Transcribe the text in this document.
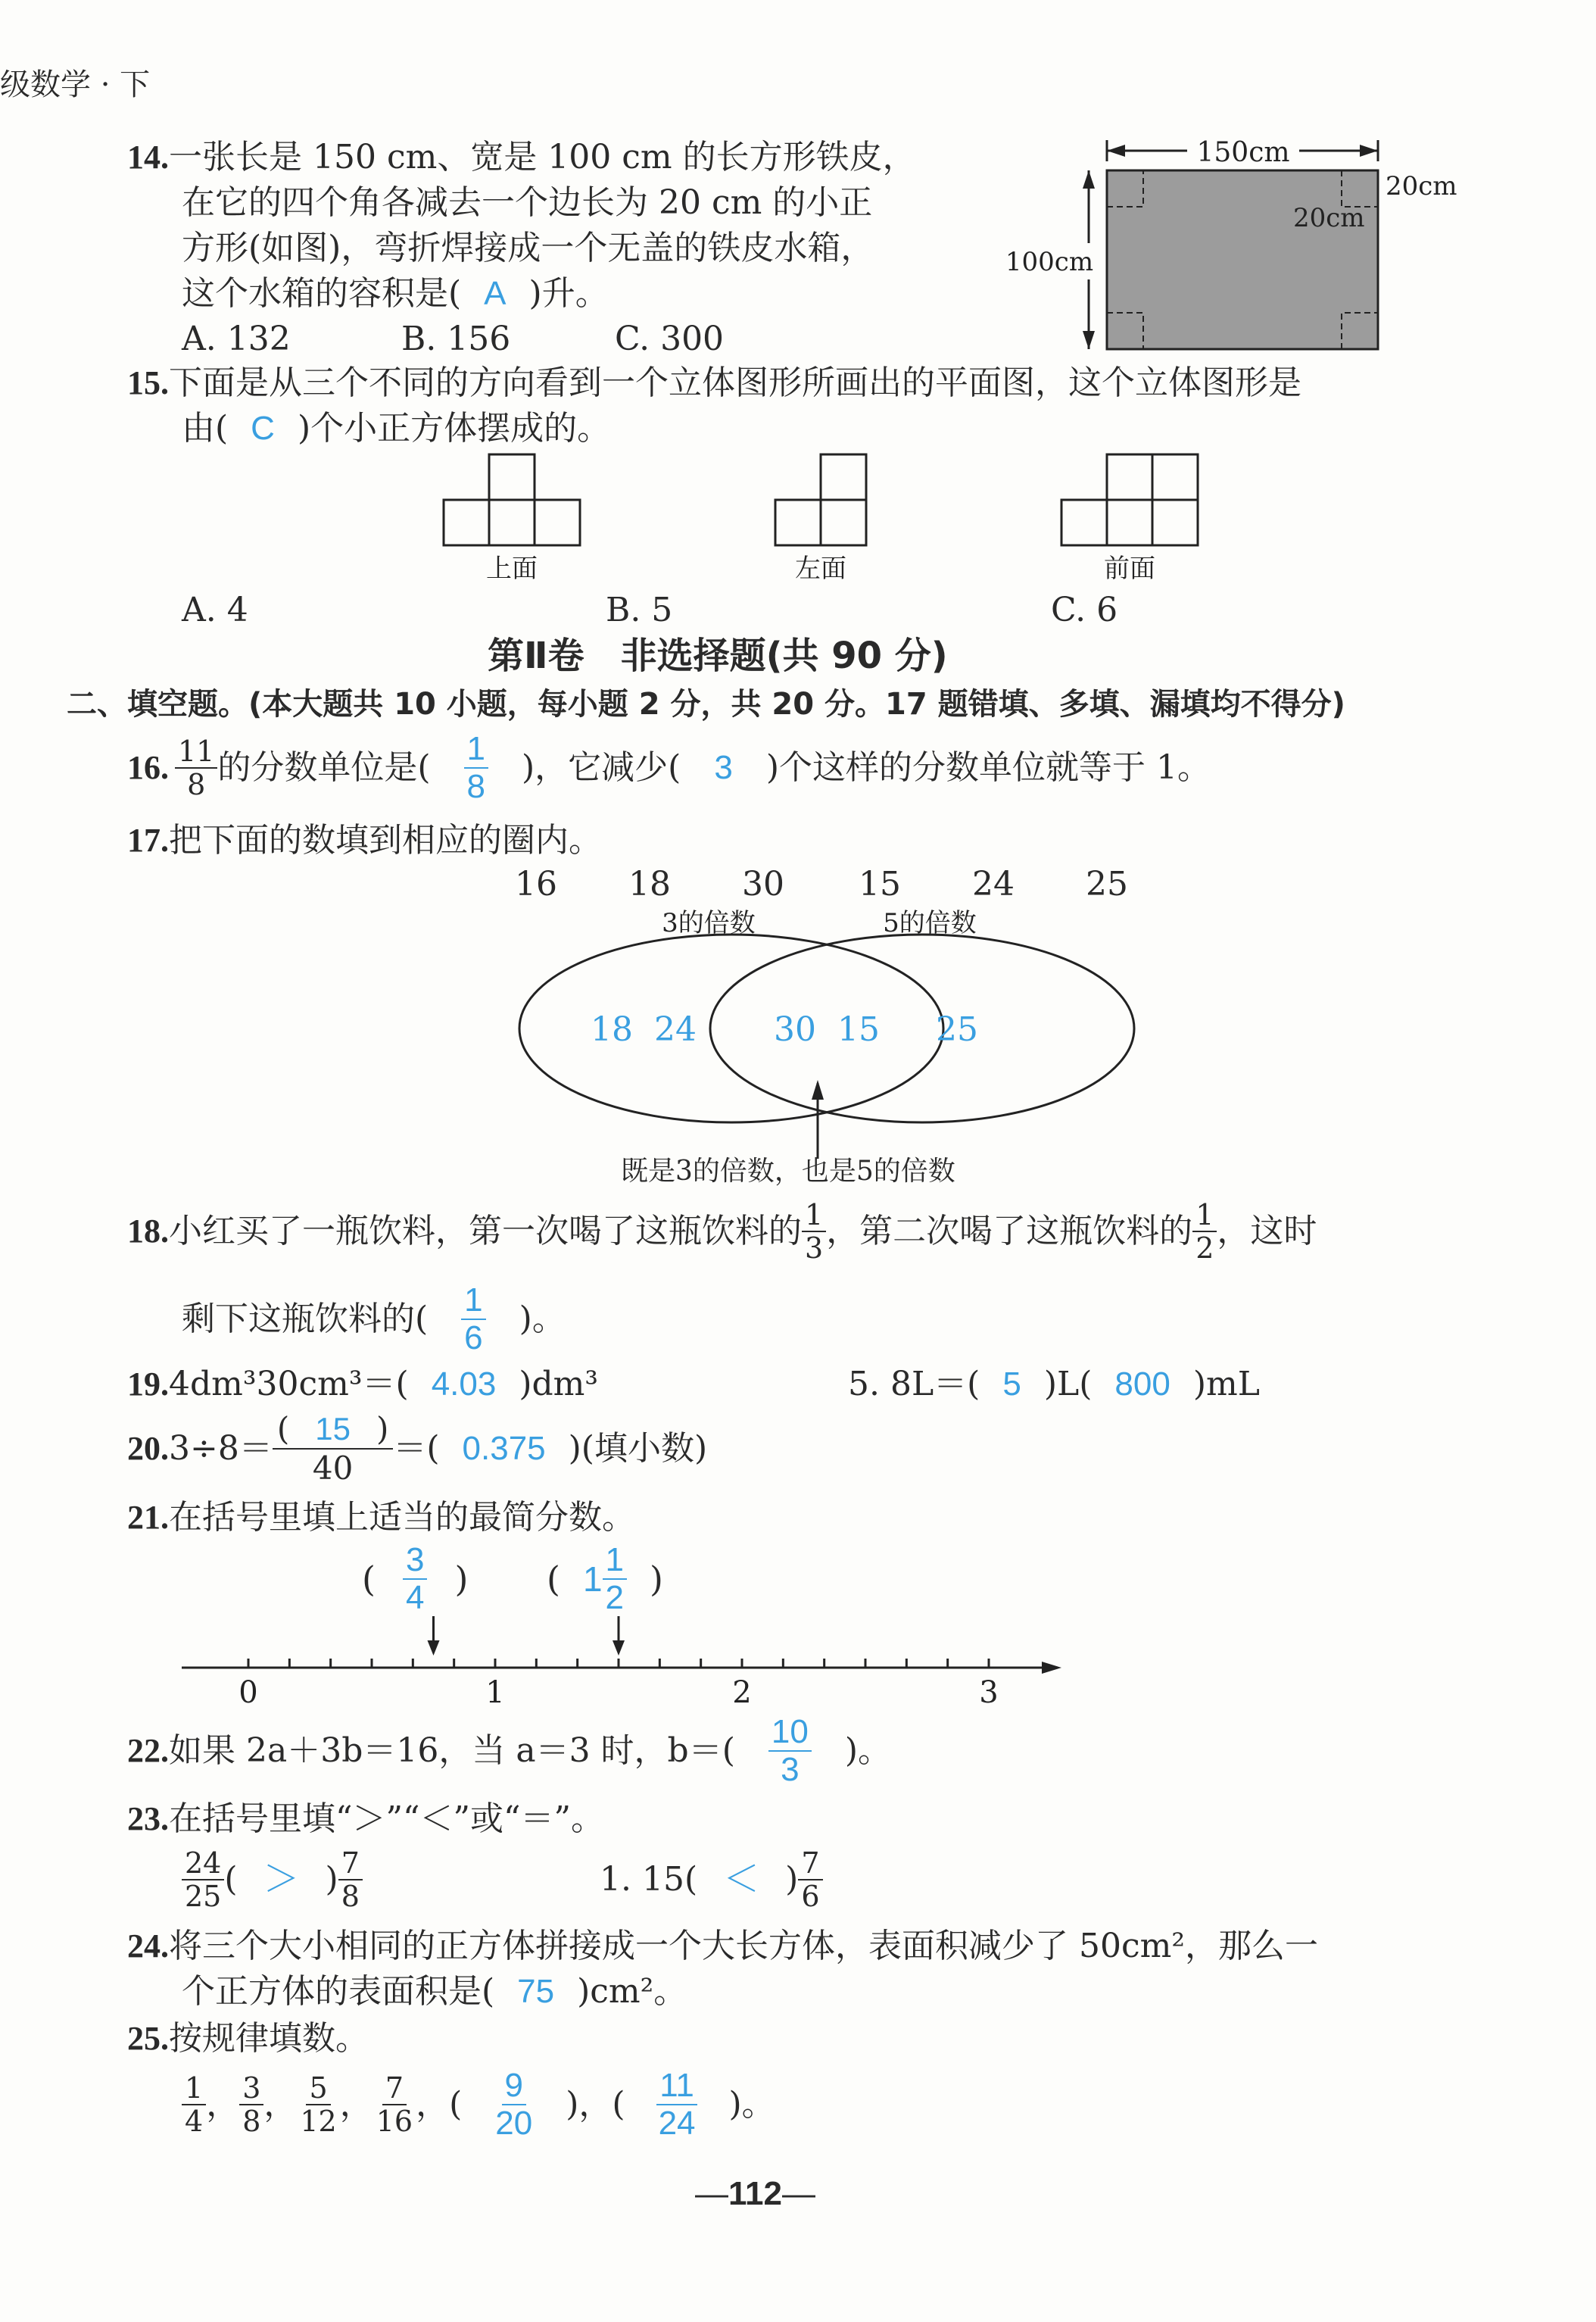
级数学 · 下
14.一张长是 150 cm、宽是 100 cm 的长方形铁皮，
在它的四个角各减去一个边长为 20 cm 的小正
方形(如图)，弯折焊接成一个无盖的铁皮水箱，
这个水箱的容积是( A )升。
A. 132	B. 156	C. 300
150cm
100cm
20cm
20cm
15.下面是从三个不同的方向看到一个立体图形所画出的平面图，这个立体图形是
由( C )个小正方体摆成的。
上面	左面	前面
A. 4	B. 5	C. 6
第Ⅱ卷　非选择题(共 90 分)
二、填空题。(本大题共 10 小题，每小题 2 分，共 20 分。17 题错填、多填、漏填均不得分)
16. $\frac{11}{8}$ 的分数单位是( $\frac{1}{8}$ )，它减少( 3 )个这样的分数单位就等于 1。
17.把下面的数填到相应的圈内。
16 18 30 15 24 25
3的倍数	5的倍数
18  24 30  15 25
既是3的倍数，也是5的倍数
18. 小红买了一瓶饮料，第一次喝了这瓶饮料的 $\frac{1}{3}$ ，第二次喝了这瓶饮料的 $\frac{1}{2}$ ，这时
剩下这瓶饮料的( $\frac{1}{6}$ )。
19.4dm³30cm³＝( 4.03 )dm³	5. 8L＝( 5 )L( 800 )mL
20. $3\div 8= \frac{( 15 )}{40}$ ＝( 0.375 )(填小数)
21.在括号里填上适当的最简分数。
( $\frac{3}{4}$ ) ( $1 \frac{1}{2}$ )
0	1	2	3
22. 如果 2a＋3b＝16，当 a＝3 时，$b=( \frac{10}{3}$ )。
23.在括号里填“＞”“＜”或“＝”。
$\frac{24}{25}$ ( ＞ ) $\frac{7}{8}$	1. 15( ＜ ) $\frac{7}{6}$
24.将三个大小相同的正方体拼接成一个大长方体，表面积减少了 50cm²，那么一
个正方体的表面积是( 75 )cm²。
25.按规律填数。
$\frac{1}{4}$ ， $\frac{3}{8}$ ， $\frac{5}{12}$ ， $\frac{7}{16}$ ，( $\frac{9}{20}$ )，( $\frac{11}{24}$ )。
—112—
